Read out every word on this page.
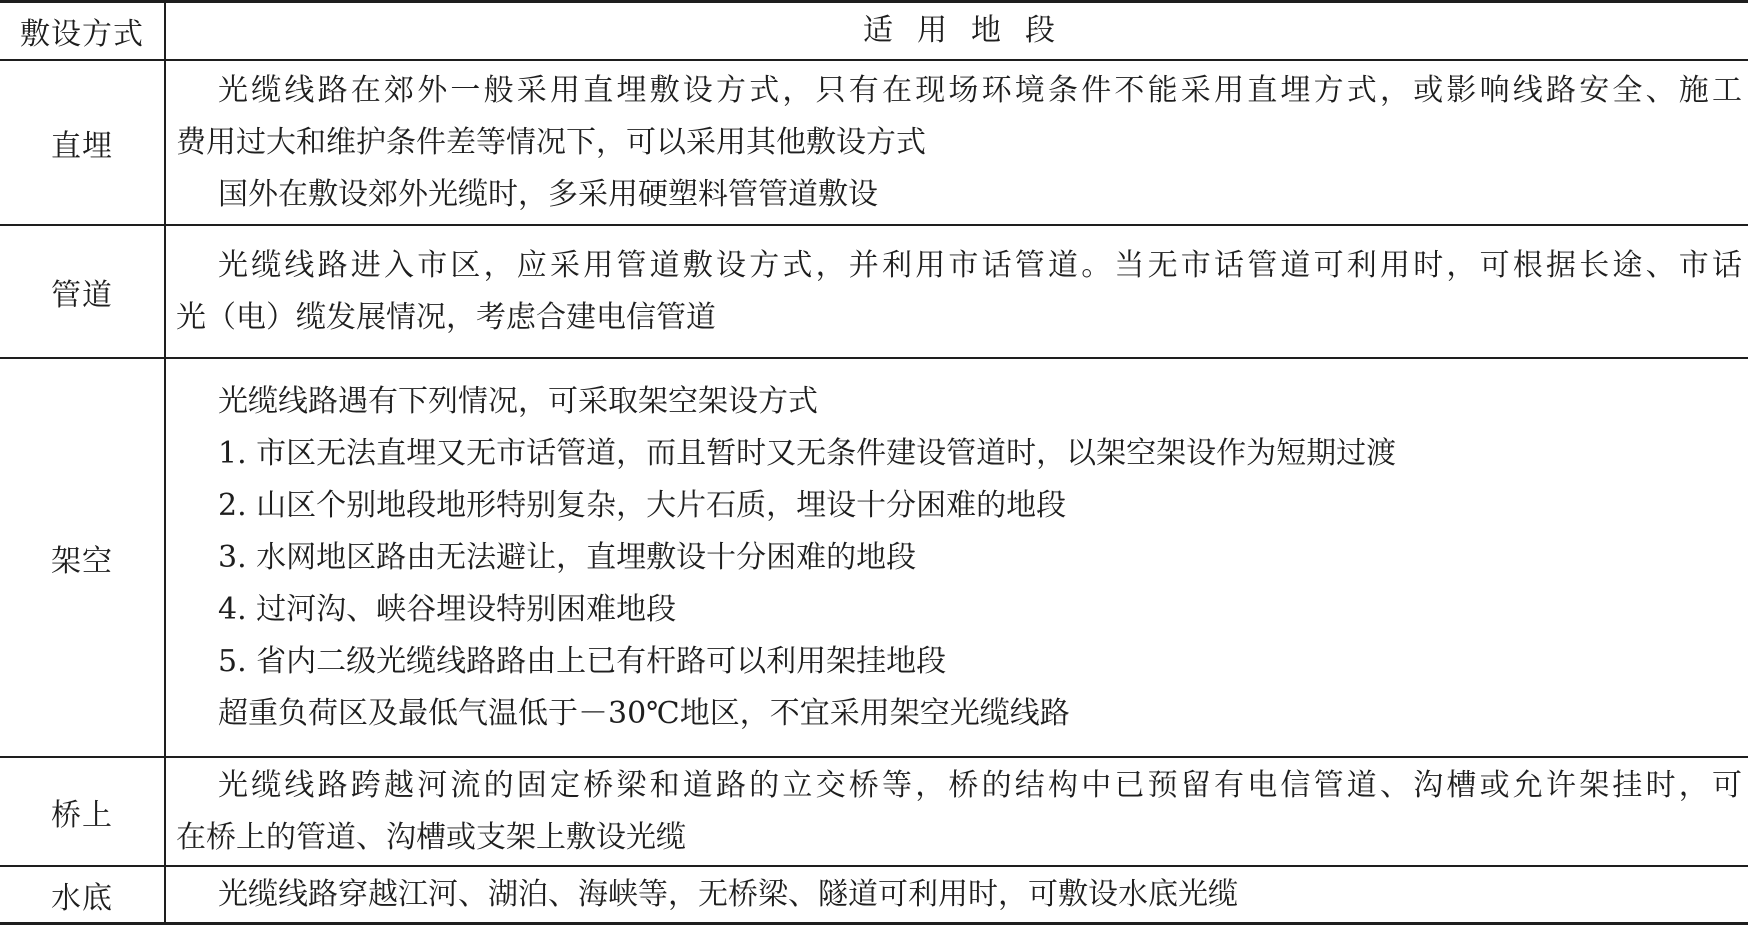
敷设方式	适用地段
直埋
光缆线路在郊外一般采用直埋敷设方式，只有在现场环境条件不能采用直埋方式，或影响线路安全、施工
费用过大和维护条件差等情况下，可以采用其他敷设方式
国外在敷设郊外光缆时，多采用硬塑料管管道敷设
管道
光缆线路进入市区，应采用管道敷设方式，并利用市话管道。当无市话管道可利用时，可根据长途、市话
光（电）缆发展情况，考虑合建电信管道
架空
光缆线路遇有下列情况，可采取架空架设方式
1. 市区无法直埋又无市话管道，而且暂时又无条件建设管道时，以架空架设作为短期过渡
2. 山区个别地段地形特别复杂，大片石质，埋设十分困难的地段
3. 水网地区路由无法避让，直埋敷设十分困难的地段
4. 过河沟、峡谷埋设特别困难地段
5. 省内二级光缆线路路由上已有杆路可以利用架挂地段
超重负荷区及最低气温低于－30℃地区，不宜采用架空光缆线路
桥上
光缆线路跨越河流的固定桥梁和道路的立交桥等，桥的结构中已预留有电信管道、沟槽或允许架挂时，可
在桥上的管道、沟槽或支架上敷设光缆
水底	光缆线路穿越江河、湖泊、海峡等，无桥梁、隧道可利用时，可敷设水底光缆
